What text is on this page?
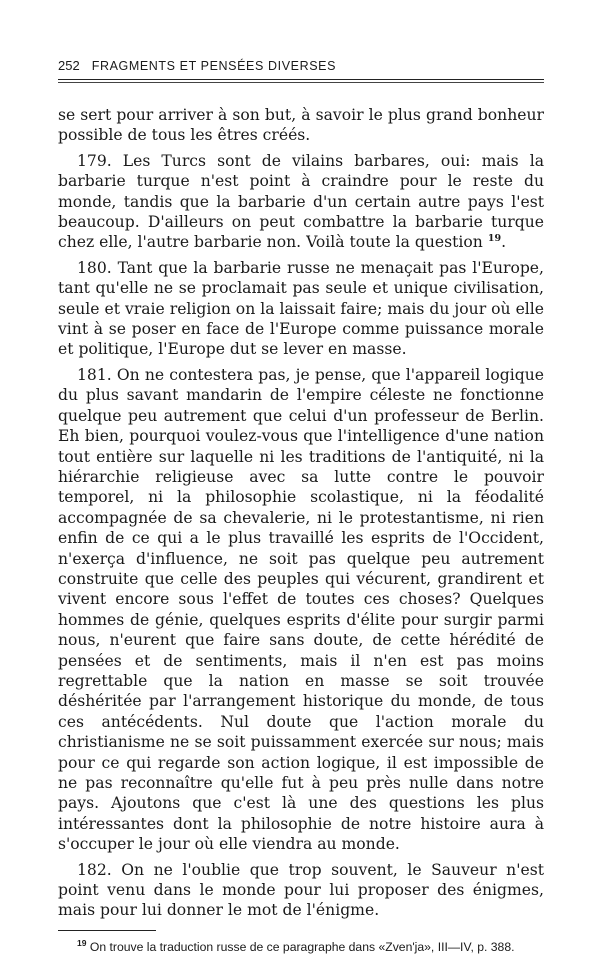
252 FRAGMENTS ET PENSÉES DIVERSES

se sert pour arriver à son but, à savoir le plus grand bonheur possible de tous les êtres créés.

179. Les Turcs sont de vilains barbares, oui: mais la barbarie turque n'est point à craindre pour le reste du monde, tandis que la barbarie d'un certain autre pays l'est beaucoup. D'ailleurs on peut combattre la barbarie turque chez elle, l'autre barbarie non. Voilà toute la question $^{19}$.

180. Tant que la barbarie russe ne menaçait pas l'Europe, tant qu'elle ne se proclamait pas seule et unique civilisation, seule et vraie religion on la laissait faire; mais du jour où elle vint à se poser en face de l'Europe comme puissance morale et politique, l'Europe dut se lever en masse.

181. On ne contestera pas, je pense, que l'appareil logique du plus savant mandarin de l'empire céleste ne fonctionne quelque peu autrement que celui d'un professeur de Berlin. Eh bien, pourquoi voulez-vous que l'intelligence d'une nation tout entière sur laquelle ni les traditions de l'antiquité, ni la hiérarchie religieuse avec sa lutte contre le pouvoir temporel, ni la philosophie scolastique, ni la féodalité accompagnée de sa chevalerie, ni le protestantisme, ni rien enfin de ce qui a le plus travaillé les esprits de l'Occident, n'exerça d'influence, ne soit pas quelque peu autrement construite que celle des peuples qui vécurent, grandirent et vivent encore sous l'effet de toutes ces choses? Quelques hommes de génie, quelques esprits d'élite pour surgir parmi nous, n'eurent que faire sans doute, de cette hérédité de pensées et de sentiments, mais il n'en est pas moins regrettable que la nation en masse se soit trouvée déshéritée par l'arrangement historique du monde, de tous ces antécédents. Nul doute que l'action morale du christianisme ne se soit puissamment exercée sur nous; mais pour ce qui regarde son action logique, il est impossible de ne pas reconnaître qu'elle fut à peu près nulle dans notre pays. Ajoutons que c'est là une des questions les plus intéressantes dont la philosophie de notre histoire aura à s'occuper le jour où elle viendra au monde.

182. On ne l'oublie que trop souvent, le Sauveur n'est point venu dans le monde pour lui proposer des énigmes, mais pour lui donner le mot de l'énigme.

$^{19}$ On trouve la traduction russe de ce paragraphe dans «Zven'ja», III—IV, p. 388.
